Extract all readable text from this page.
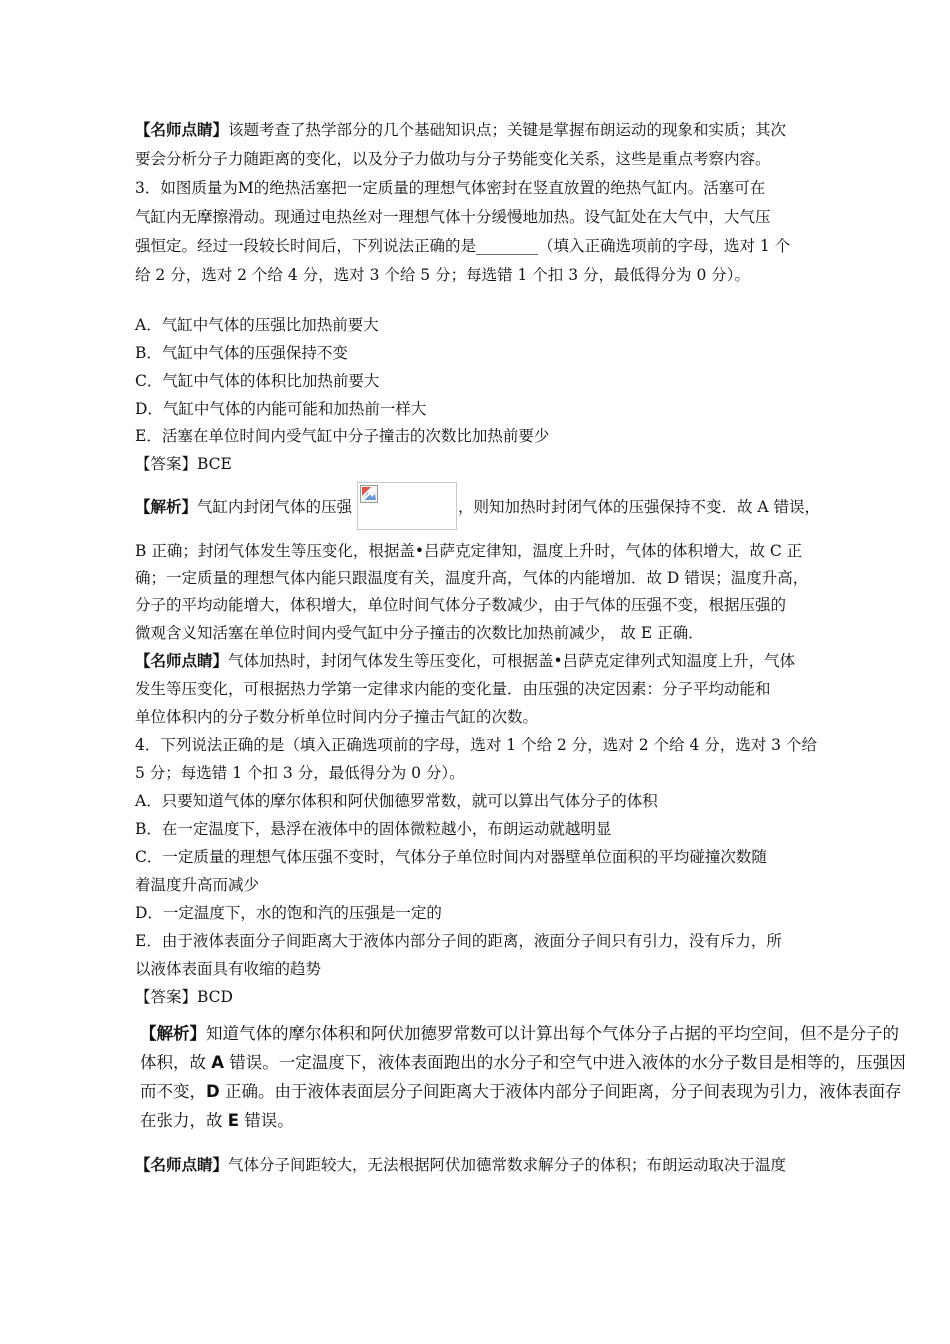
【名师点睛】该题考查了热学部分的几个基础知识点；关键是掌握布朗运动的现象和实质；其次
要会分析分子力随距离的变化，以及分子力做功与分子势能变化关系，这些是重点考察内容。
3．如图质量为M的绝热活塞把一定质量的理想气体密封在竖直放置的绝热气缸内。活塞可在
气缸内无摩擦滑动。现通过电热丝对一理想气体十分缓慢地加热。设气缸处在大气中，大气压
强恒定。经过一段较长时间后，下列说法正确的是________（填入正确选项前的字母，选对 1 个
给 2 分，选对 2 个给 4 分，选对 3 个给 5 分；每选错 1 个扣 3 分，最低得分为 0 分）。
A．气缸中气体的压强比加热前要大
B．气缸中气体的压强保持不变
C．气缸中气体的体积比加热前要大
D．气缸中气体的内能可能和加热前一样大
E．活塞在单位时间内受气缸中分子撞击的次数比加热前要少
【答案】BCE
【解析】气缸内封闭气体的压强	，则知加热时封闭气体的压强保持不变．故 A 错误，
B 正确；封闭气体发生等压变化，根据盖•吕萨克定律知，温度上升时，气体的体积增大，故 C 正
确；一定质量的理想气体内能只跟温度有关，温度升高，气体的内能增加．故 D 错误；温度升高，
分子的平均动能增大，体积增大，单位时间气体分子数减少，由于气体的压强不变，根据压强的
微观含义知活塞在单位时间内受气缸中分子撞击的次数比加热前减少， 故 E 正确．
【名师点睛】气体加热时，封闭气体发生等压变化，可根据盖•吕萨克定律列式知温度上升，气体
发生等压变化，可根据热力学第一定律求内能的变化量．由压强的决定因素：分子平均动能和
单位体积内的分子数分析单位时间内分子撞击气缸的次数。
4．下列说法正确的是（填入正确选项前的字母，选对 1 个给 2 分，选对 2 个给 4 分，选对 3 个给
5 分；每选错 1 个扣 3 分，最低得分为 0 分）。
A．只要知道气体的摩尔体积和阿伏伽德罗常数，就可以算出气体分子的体积
B．在一定温度下，悬浮在液体中的固体微粒越小，布朗运动就越明显
C．一定质量的理想气体压强不变时，气体分子单位时间内对器壁单位面积的平均碰撞次数随
着温度升高而减少
D．一定温度下，水的饱和汽的压强是一定的
E．由于液体表面分子间距离大于液体内部分子间的距离，液面分子间只有引力，没有斥力，所
以液体表面具有收缩的趋势
【答案】BCD
【解析】知道气体的摩尔体积和阿伏加德罗常数可以计算出每个气体分子占据的平均空间，但不是分子的
体积，故 A 错误。一定温度下，液体表面跑出的水分子和空气中进入液体的水分子数目是相等的，压强因
而不变，D 正确。由于液体表面层分子间距离大于液体内部分子间距离，分子间表现为引力，液体表面存
在张力，故 E 错误。
【名师点睛】气体分子间距较大，无法根据阿伏加德常数求解分子的体积；布朗运动取决于温度
